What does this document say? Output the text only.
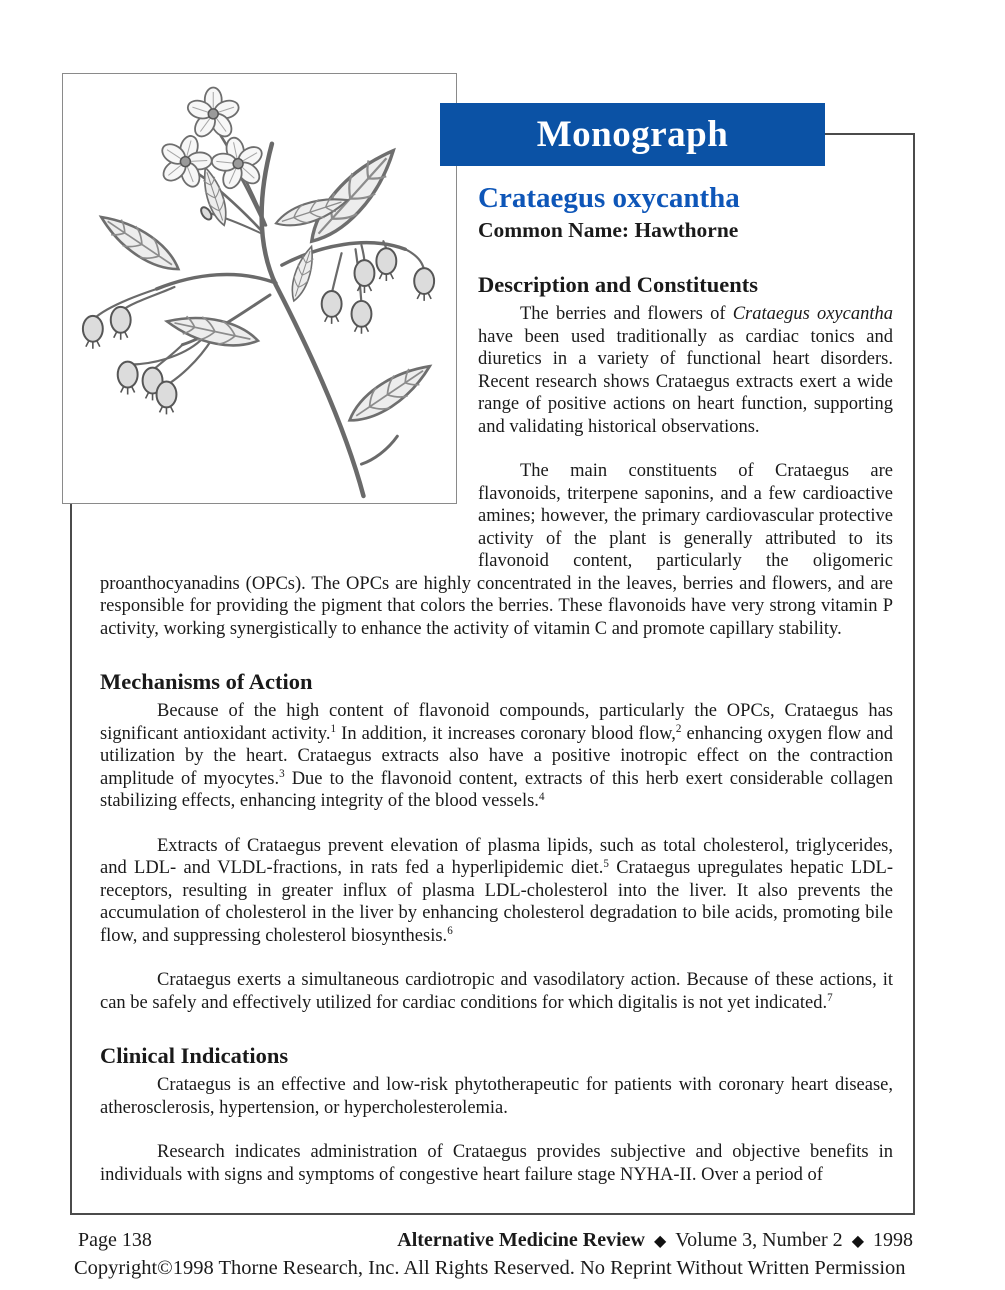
Monograph
Crataegus oxycantha
Common Name: Hawthorne
Description and Constituents

The berries and flowers of Crataegus oxycantha have been used traditionally as cardiac tonics and diuretics in a variety of functional heart disorders. Recent research shows Crataegus extracts exert a wide range of positive actions on heart function, supporting and validating historical observations.

The main constituents of Crataegus are flavonoids, triterpene saponins, and a few cardioactive amines; however, the primary cardiovascular protective activity of the plant is generally attributed to its flavonoid content, particularly the oligomeric proanthocyanadins (OPCs). The OPCs are highly concentrated in the leaves, berries and flowers, and are responsible for providing the pigment that colors the berries. These flavonoids have very strong vitamin P activity, working synergistically to enhance the activity of vitamin C and promote capillary stability.

Mechanisms of Action

Because of the high content of flavonoid compounds, particularly the OPCs, Crataegus has significant antioxidant activity.$^1$ In addition, it increases coronary blood flow,$^2$ enhancing oxygen flow and utilization by the heart. Crataegus extracts also have a positive inotropic effect on the contraction amplitude of myocytes.$^3$ Due to the flavonoid content, extracts of this herb exert considerable collagen stabilizing effects, enhancing integrity of the blood vessels.$^4$

Extracts of Crataegus prevent elevation of plasma lipids, such as total cholesterol, triglycerides, and LDL- and VLDL-fractions, in rats fed a hyperlipidemic diet.$^5$ Crataegus upregulates hepatic LDL-receptors, resulting in greater influx of plasma LDL-cholesterol into the liver. It also prevents the accumulation of cholesterol in the liver by enhancing cholesterol degradation to bile acids, promoting bile flow, and suppressing cholesterol biosynthesis.$^6$

Crataegus exerts a simultaneous cardiotropic and vasodilatory action. Because of these actions, it can be safely and effectively utilized for cardiac conditions for which digitalis is not yet indicated.$^7$

Clinical Indications

Crataegus is an effective and low-risk phytotherapeutic for patients with coronary heart disease, atherosclerosis, hypertension, or hypercholesterolemia.

Research indicates administration of Crataegus provides subjective and objective benefits in individuals with signs and symptoms of congestive heart failure stage NYHA-II. Over a period of

Page 138	Alternative Medicine Review ◆ Volume 3, Number 2 ◆ 1998
Copyright©1998 Thorne Research, Inc. All Rights Reserved. No Reprint Without Written Permission
